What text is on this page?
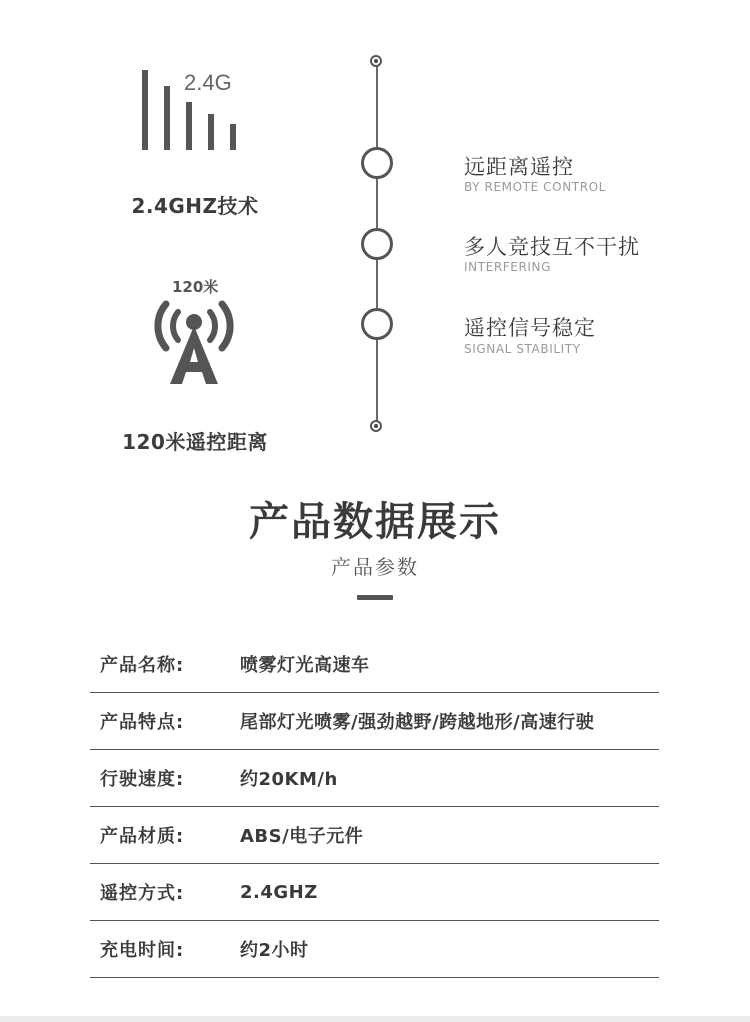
2.4G
2.4GHZ技术
120米
120米遥控距离
远距离遥控
BY REMOTE CONTROL
多人竞技互不干扰
INTERFERING
遥控信号稳定
SIGNAL STABILITY
产品数据展示
产品参数
产品名称:	喷雾灯光高速车
产品特点:	尾部灯光喷雾/强劲越野/跨越地形/高速行驶
行驶速度:	约20KM/h
产品材质:	ABS/电子元件
遥控方式:	2.4GHZ
充电时间:	约2小时
